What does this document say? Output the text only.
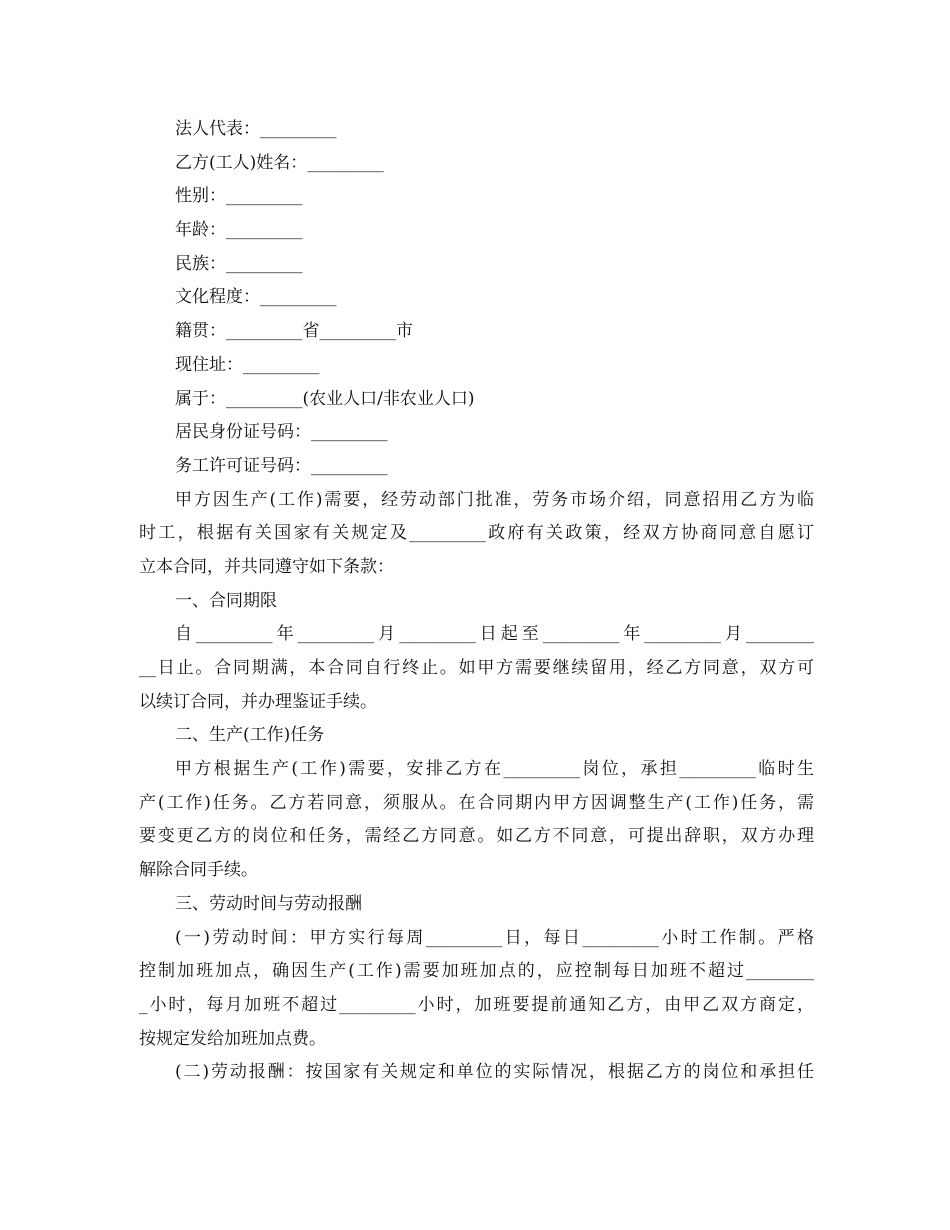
法人代表：_________

乙方(工人)姓名：_________

性别：_________

年龄：_________

民族：_________

文化程度：_________

籍贯：_________省_________市

现住址：_________

属于：_________(农业人口/非农业人口)

居民身份证号码：_________

务工许可证号码：_________

甲方因生产(工作)需要，经劳动部门批准，劳务市场介绍，同意招用乙方为临

时工，根据有关国家有关规定及_________政府有关政策，经双方协商同意自愿订

立本合同，并共同遵守如下条款：

一、合同期限

自_________年_________月_________日起至_________年_________月________

__日止。合同期满，本合同自行终止。如甲方需要继续留用，经乙方同意，双方可

以续订合同，并办理鉴证手续。

二、生产(工作)任务

甲方根据生产(工作)需要，安排乙方在_________岗位，承担_________临时生

产(工作)任务。乙方若同意，须服从。在合同期内甲方因调整生产(工作)任务，需

要变更乙方的岗位和任务，需经乙方同意。如乙方不同意，可提出辞职，双方办理

解除合同手续。

三、劳动时间与劳动报酬

(一)劳动时间：甲方实行每周_________日，每日_________小时工作制。严格

控制加班加点，确因生产(工作)需要加班加点的，应控制每日加班不超过________

_小时，每月加班不超过_________小时，加班要提前通知乙方，由甲乙双方商定，

按规定发给加班加点费。

(二)劳动报酬：按国家有关规定和单位的实际情况，根据乙方的岗位和承担任
